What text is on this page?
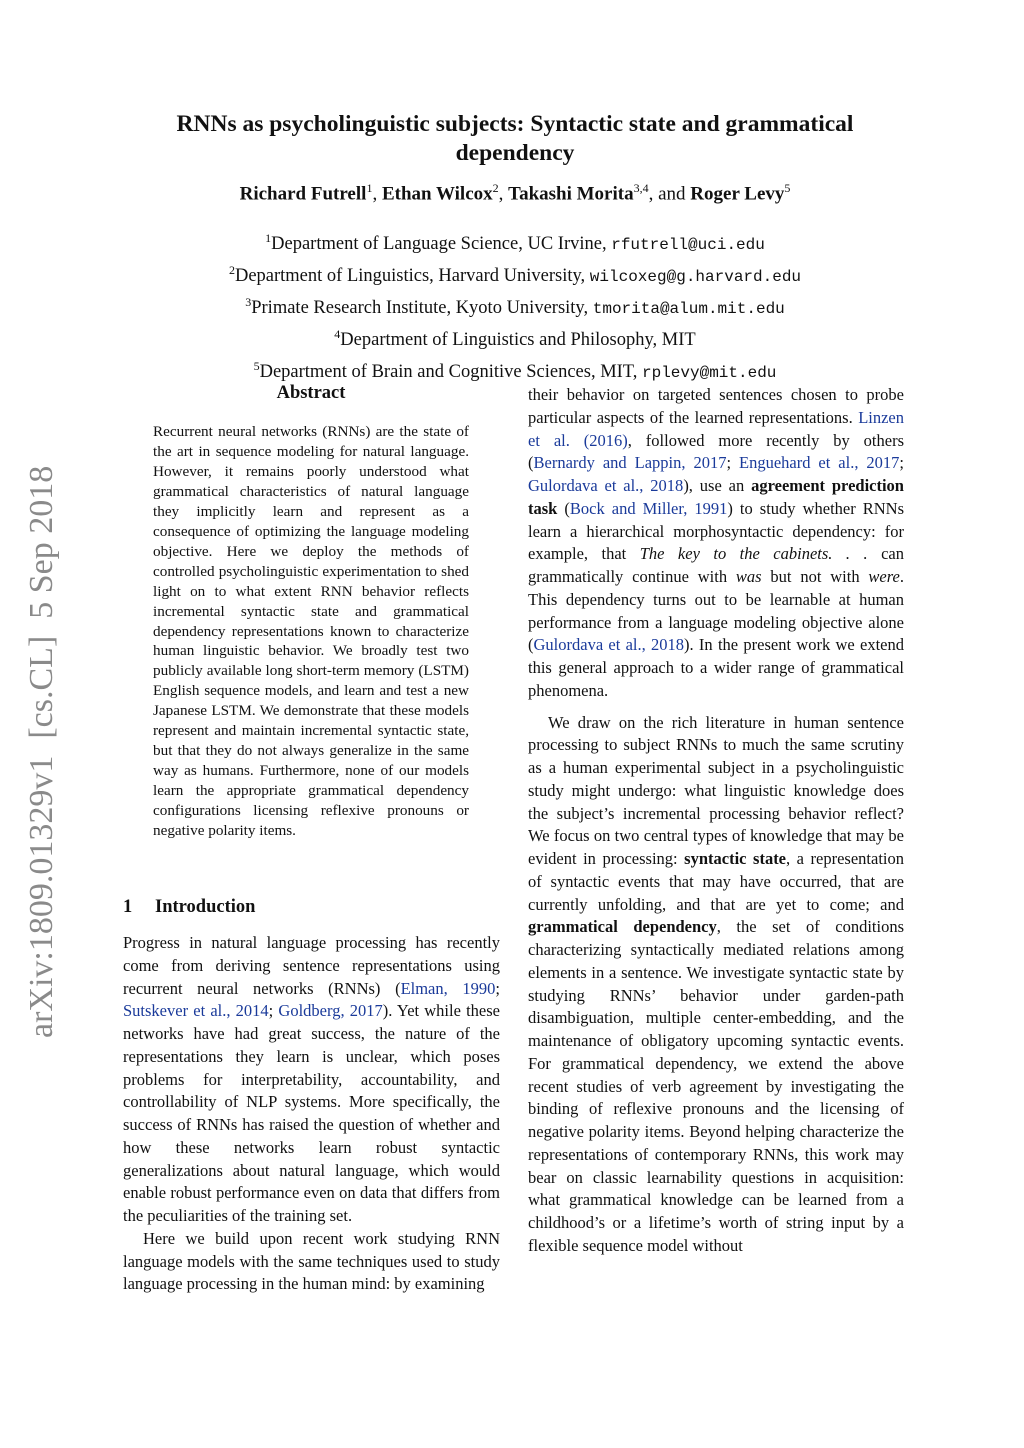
arXiv:1809.01329v1  [cs.CL]  5 Sep 2018
RNNs as psycholinguistic subjects: Syntactic state and grammatical dependency
Richard Futrell$^1$, Ethan Wilcox$^2$, Takashi Morita$^{3,4}$, and Roger Levy$^5$
$^1$Department of Language Science, UC Irvine, rfutrell@uci.edu
$^2$Department of Linguistics, Harvard University, wilcoxeg@g.harvard.edu
$^3$Primate Research Institute, Kyoto University, tmorita@alum.mit.edu
$^4$Department of Linguistics and Philosophy, MIT
$^5$Department of Brain and Cognitive Sciences, MIT, rplevy@mit.edu
Abstract
Recurrent neural networks (RNNs) are the state of the art in sequence modeling for natural language. However, it remains poorly understood what grammatical characteristics of natural language they implicitly learn and represent as a consequence of optimizing the language modeling objective. Here we deploy the methods of controlled psycholinguistic experimentation to shed light on to what extent RNN behavior reflects incremental syntactic state and grammatical dependency representations known to characterize human linguistic behavior. We broadly test two publicly available long short-term memory (LSTM) English sequence models, and learn and test a new Japanese LSTM. We demonstrate that these models represent and maintain incremental syntactic state, but that they do not always generalize in the same way as humans. Furthermore, none of our models learn the appropriate grammatical dependency configurations licensing reflexive pronouns or negative polarity items.
1 Introduction

Progress in natural language processing has recently come from deriving sentence representations using recurrent neural networks (RNNs) (Elman, 1990; Sutskever et al., 2014; Goldberg, 2017). Yet while these networks have had great success, the nature of the representations they learn is unclear, which poses problems for interpretability, accountability, and controllability of NLP systems. More specifically, the success of RNNs has raised the question of whether and how these networks learn robust syntactic generalizations about natural language, which would enable robust performance even on data that differs from the peculiarities of the training set.

Here we build upon recent work studying RNN language models with the same techniques used to study language processing in the human mind: by examining

their behavior on targeted sentences chosen to probe particular aspects of the learned representations. Linzen et al. (2016), followed more recently by others (Bernardy and Lappin, 2017; Enguehard et al., 2017; Gulordava et al., 2018), use an agreement prediction task (Bock and Miller, 1991) to study whether RNNs learn a hierarchical morphosyntactic dependency: for example, that The key to the cabinets. . . can grammatically continue with was but not with were. This dependency turns out to be learnable at human performance from a language modeling objective alone (Gulordava et al., 2018). In the present work we extend this general approach to a wider range of grammatical phenomena.

We draw on the rich literature in human sentence processing to subject RNNs to much the same scrutiny as a human experimental subject in a psycholinguistic study might undergo: what linguistic knowledge does the subject’s incremental processing behavior reflect? We focus on two central types of knowledge that may be evident in processing: syntactic state, a representation of syntactic events that may have occurred, that are currently unfolding, and that are yet to come; and grammatical dependency, the set of conditions characterizing syntactically mediated relations among elements in a sentence. We investigate syntactic state by studying RNNs’ behavior under garden-path disambiguation, multiple center-embedding, and the maintenance of obligatory upcoming syntactic events. For grammatical dependency, we extend the above recent studies of verb agreement by investigating the binding of reflexive pronouns and the licensing of negative polarity items. Beyond helping characterize the representations of contemporary RNNs, this work may bear on classic learnability questions in acquisition: what grammatical knowledge can be learned from a childhood’s or a lifetime’s worth of string input by a flexible sequence model without
